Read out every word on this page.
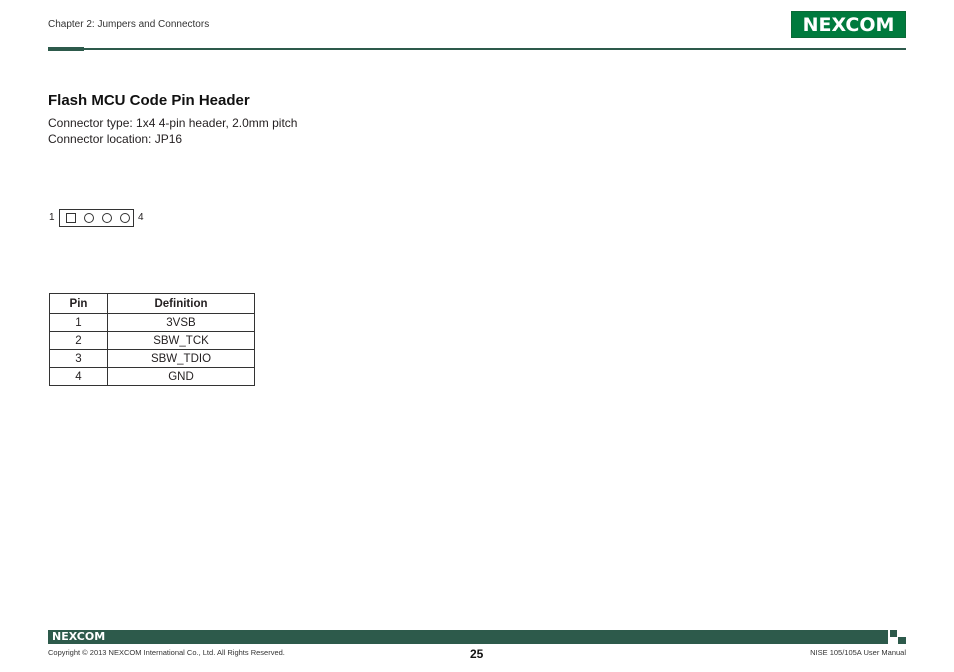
Chapter 2: Jumpers and Connectors	NEXCOM
Flash MCU Code Pin Header
Connector type: 1x4 4-pin header, 2.0mm pitch
Connector location: JP16
1	4
Pin	Definition
1	3VSB
2	SBW_TCK
3	SBW_TDIO
4	GND
NEXCOM
Copyright © 2013 NEXCOM International Co., Ltd. All Rights Reserved.	25	NISE 105/105A User Manual
